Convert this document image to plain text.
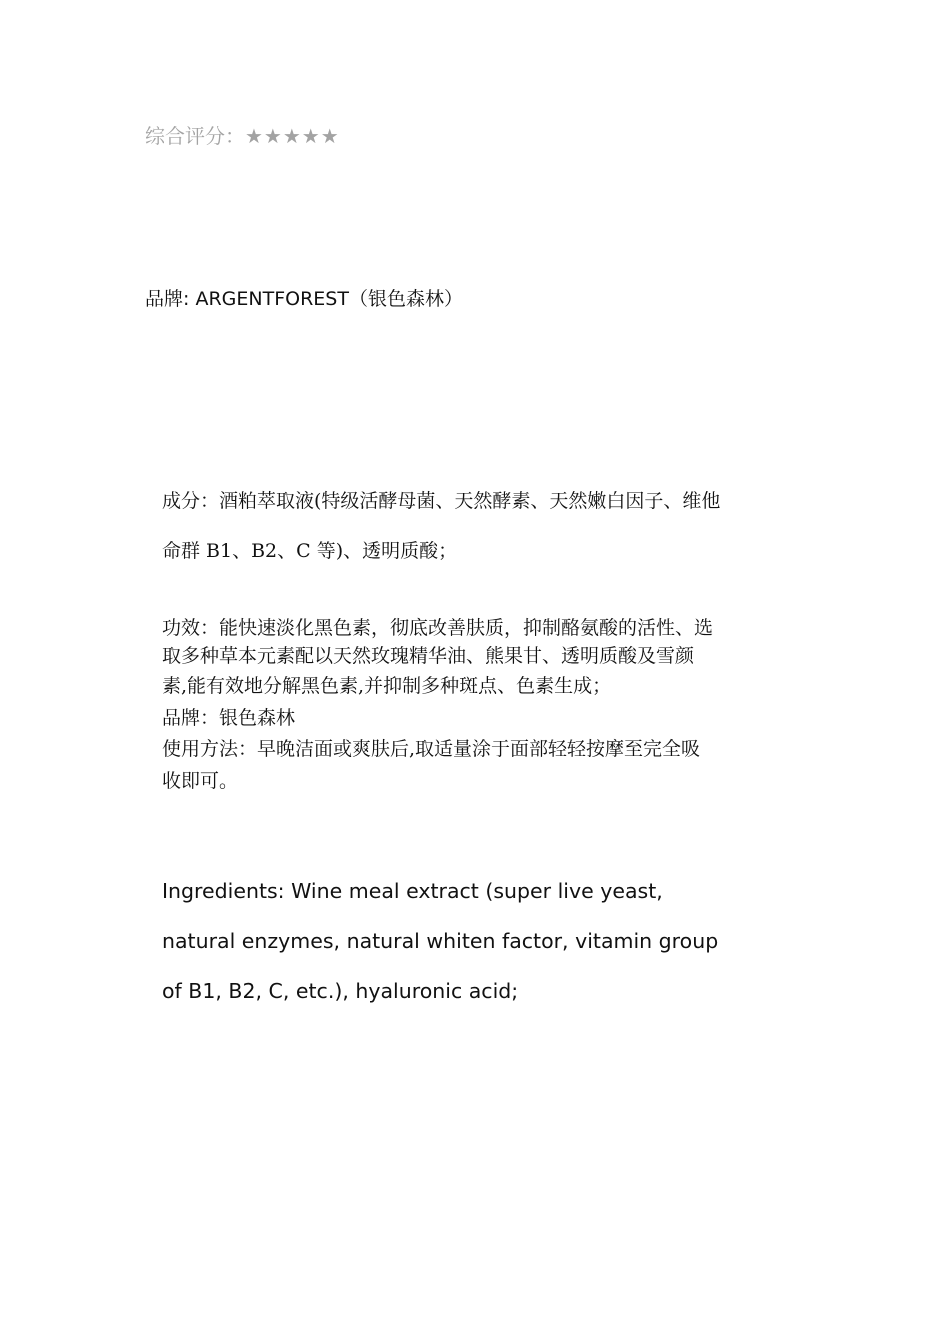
综合评分：★★★★★
品牌: ARGENTFOREST（银色森林）

成分：酒粕萃取液(特级活酵母菌、天然酵素、天然嫩白因子、维他

命群 B1、B2、C 等)、透明质酸；

功效：能快速淡化黑色素，彻底改善肤质，抑制酪氨酸的活性、选

取多种草本元素配以天然玫瑰精华油、熊果甘、透明质酸及雪颜

素,能有效地分解黑色素,并抑制多种斑点、色素生成；

品牌：银色森林

使用方法：早晚洁面或爽肤后,取适量涂于面部轻轻按摩至完全吸

收即可。

Ingredients: Wine meal extract (super live yeast,

natural enzymes, natural whiten factor, vitamin group

of B1, B2, C, etc.), hyaluronic acid;
